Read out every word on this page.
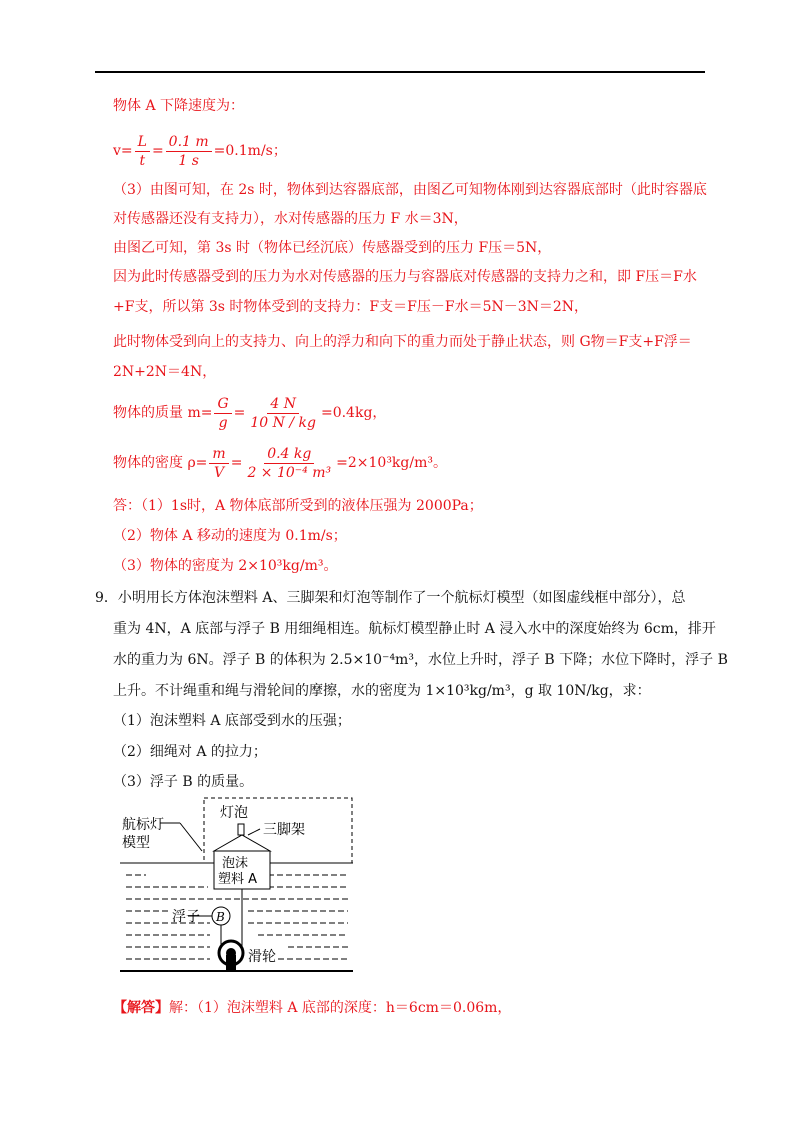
物体 A 下降速度为：
$v= \frac{L}{t} = \frac{0.1 m}{1 s} =0.1m/s$；
（3）由图可知，在 2s 时，物体到达容器底部，由图乙可知物体刚到达容器底部时（此时容器底
对传感器还没有支持力），水对传感器的压力 F 水＝3N，
由图乙可知，第 3s 时（物体已经沉底）传感器受到的压力 F压＝5N，
因为此时传感器受到的压力为水对传感器的压力与容器底对传感器的支持力之和，即 F压＝F水
+F支，所以第 3s 时物体受到的支持力：F支＝F压－F水＝5N－3N＝2N，
此时物体受到向上的支持力、向上的浮力和向下的重力而处于静止状态，则 G物＝F支+F浮＝
2N+2N＝4N，
物体的质量 $m= \frac{G}{g} = \frac{4 N}{10 N / kg} =0.4kg$，
物体的密度 $\rho= \frac{m}{V} = \frac{0.4 kg}{\text{2 × 10⁻⁴ m³}} =2\times 10^3kg/m^3$。
答：（1）1s时，A 物体底部所受到的液体压强为 2000Pa；
（2）物体 A 移动的速度为 0.1m/s；
（3）物体的密度为 2×10³kg/m³。
9．小明用长方体泡沫塑料 A、三脚架和灯泡等制作了一个航标灯模型（如图虚线框中部分），总
重为 4N，A 底部与浮子 B 用细绳相连。航标灯模型静止时 A 浸入水中的深度始终为 6cm，排开
水的重力为 6N。浮子 B 的体积为 2.5×10⁻⁴m³，水位上升时，浮子 B 下降；水位下降时，浮子 B
上升。不计绳重和绳与滑轮间的摩擦，水的密度为 1×10³kg/m³，g 取 10N/kg，求：
（1）泡沫塑料 A 底部受到水的压强；
（2）细绳对 A 的拉力；
（3）浮子 B 的质量。
航标灯
模型
灯泡
三脚架
泡沫
塑料 A
浮子 B
滑轮
【解答】解：（1）泡沫塑料 A 底部的深度：h＝6cm＝0.06m，
